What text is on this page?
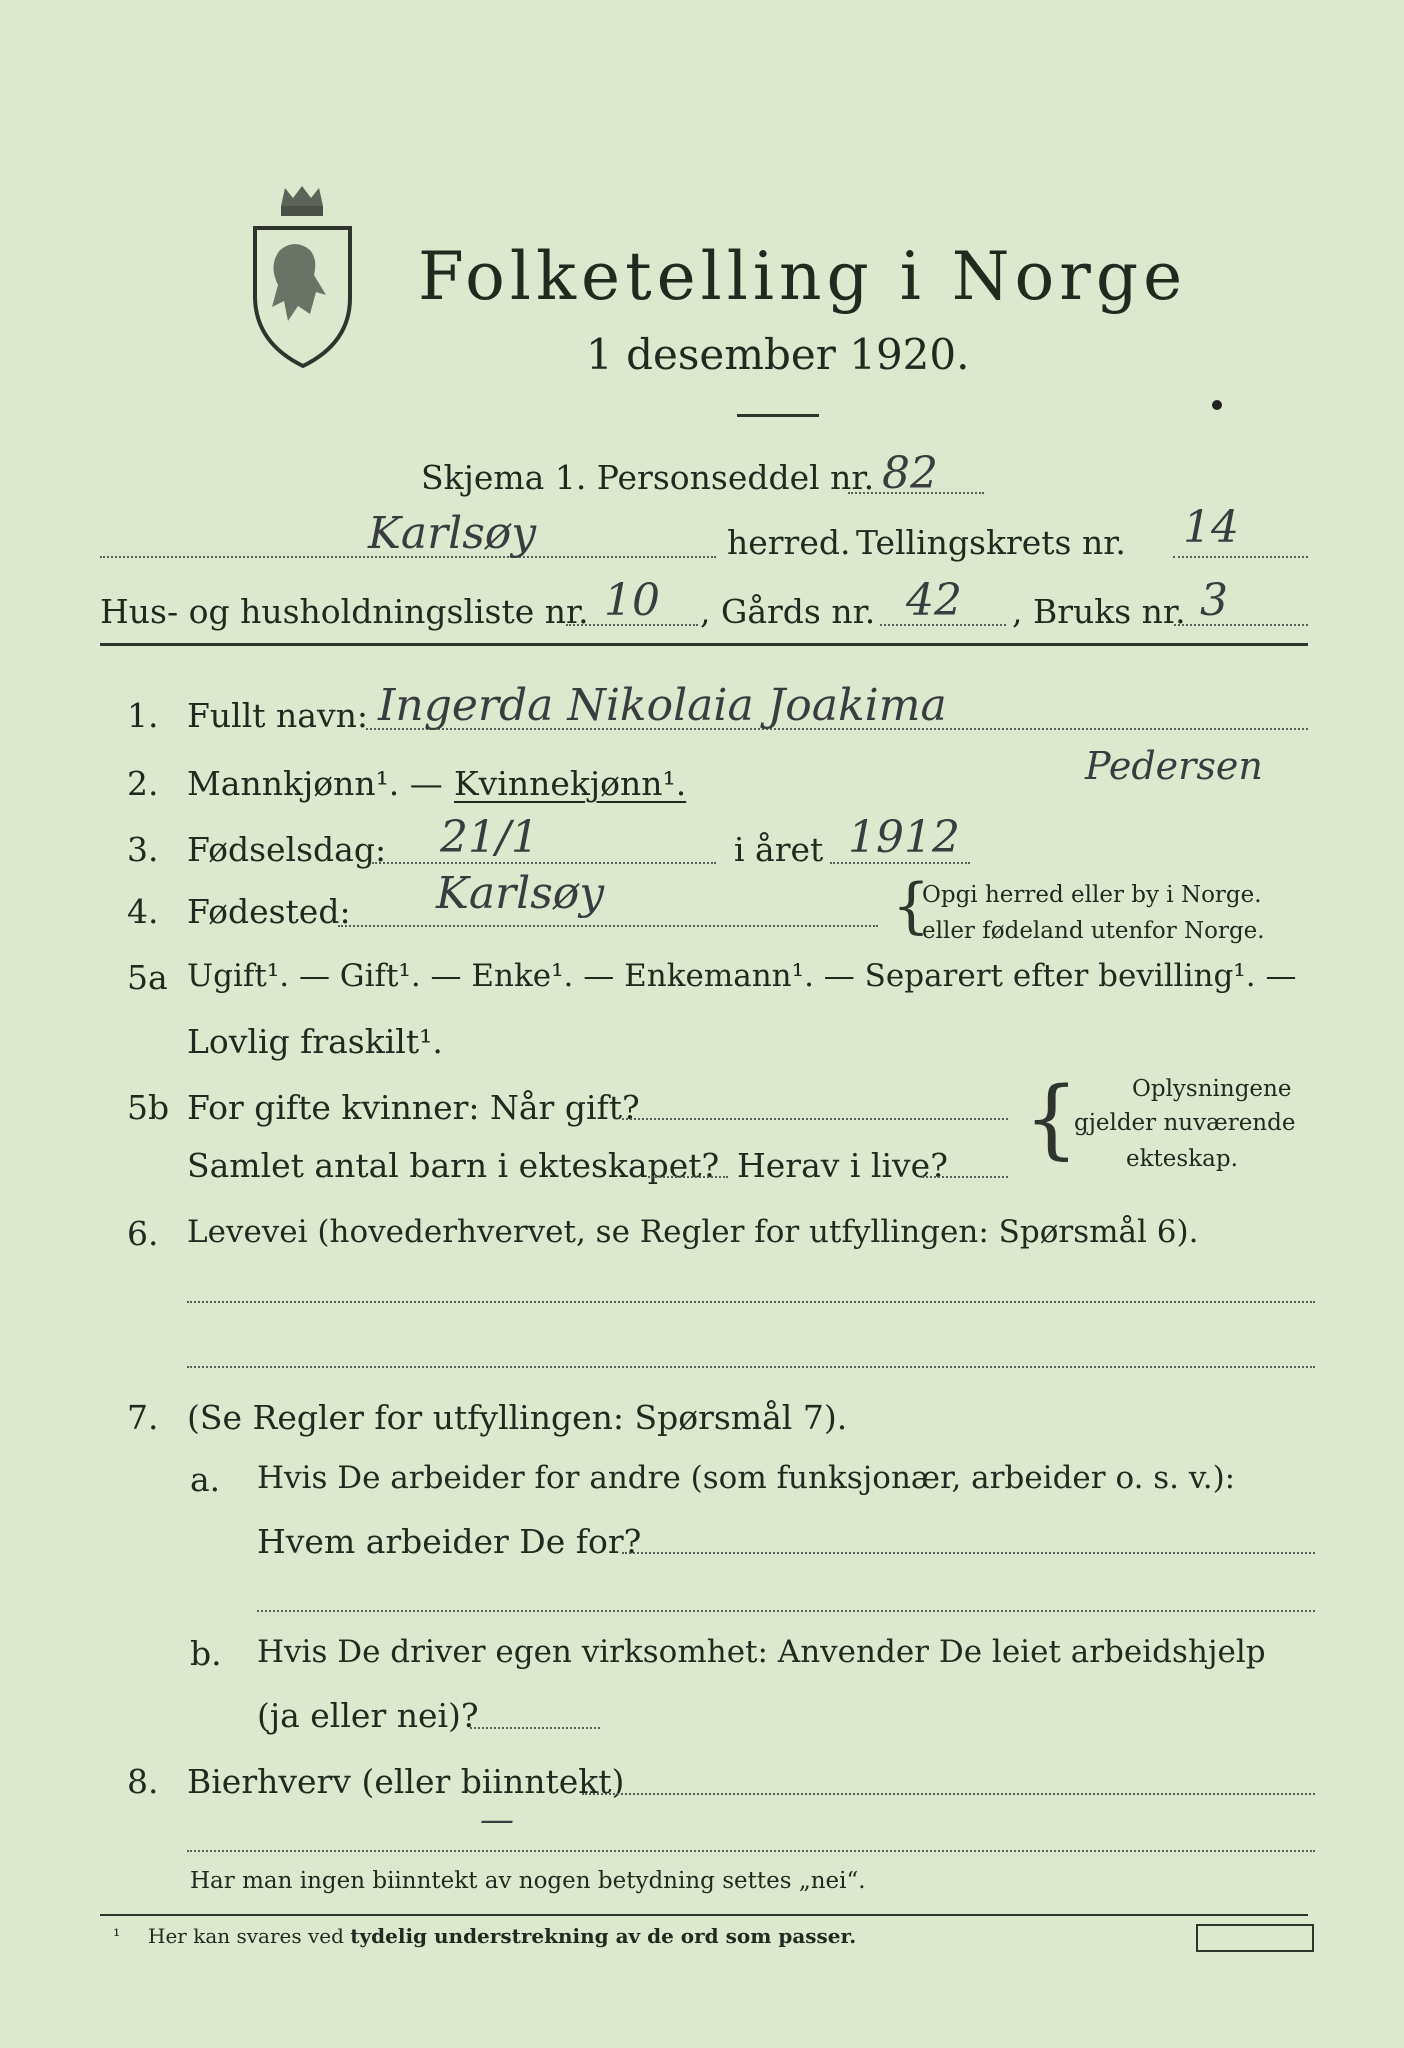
Folketelling i Norge
1 desember 1920.
Skjema 1. Personseddel nr. 82
Karlsøy	herred. Tellingskrets nr. 14
Hus- og husholdningsliste nr. 10 , Gårds nr. 42 , Bruks nr. 3
1. Fullt navn: Ingerda Nikolaia Joakima
Pedersen
2. Mannkjønn¹. — Kvinnekjønn¹.
3. Fødselsdag: 21/1	i året 1912
4. Fødested: Karlsøy	{
Opgi herred eller by i Norge.
eller fødeland utenfor Norge.
5a Ugift¹. — Gift¹. — Enke¹. — Enkemann¹. — Separert efter bevilling¹. —
Lovlig fraskilt¹.
5b For gifte kvinner: Når gift?
Samlet antal barn i ekteskapet? Herav i live? { Oplysningene
gjelder nuværende
ekteskap.
6. Levevei (hovederhvervet, se Regler for utfyllingen: Spørsmål 6).
7. (Se Regler for utfyllingen: Spørsmål 7).
a. Hvis De arbeider for andre (som funksjonær, arbeider o. s. v.):
Hvem arbeider De for?
b. Hvis De driver egen virksomhet: Anvender De leiet arbeidshjelp
(ja eller nei)?
8. Bierhverv (eller biinntekt)
—
Har man ingen biinntekt av nogen betydning settes „nei“.
¹ Her kan svares ved tydelig understrekning av de ord som passer.
